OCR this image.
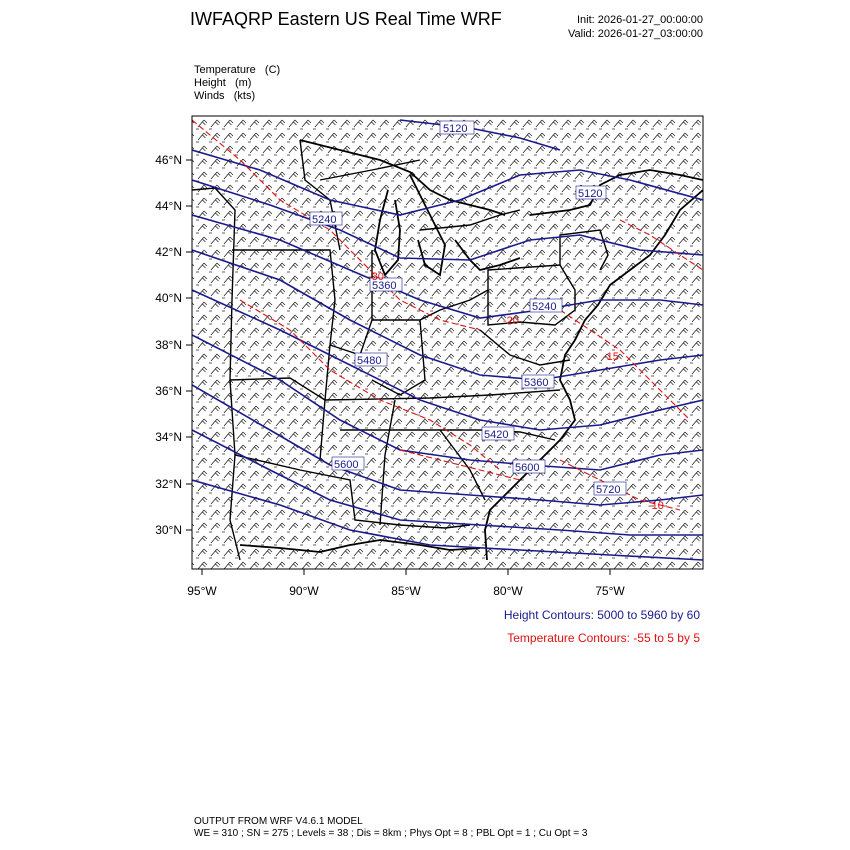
IWFAQRP Eastern US Real Time WRF	Init: 2026-01-27_00:00:00
Valid: 2026-01-27_03:00:00
Temperature   (C)
Height   (m)
Winds   (kts)
5120
5120
5240
5360
5240
5480
5360
5600
5420
5600
5720
-30
-20
-15
-10
46°N
44°N
42°N
40°N
38°N
36°N
34°N
32°N
30°N
95°W	90°W	85°W	80°W	75°W
Height Contours: 5000 to 5960 by 60
Temperature Contours: -55 to 5 by 5
OUTPUT FROM WRF V4.6.1 MODEL
WE = 310 ; SN = 275 ; Levels = 38 ; Dis = 8km ; Phys Opt = 8 ; PBL Opt = 1 ; Cu Opt = 3
